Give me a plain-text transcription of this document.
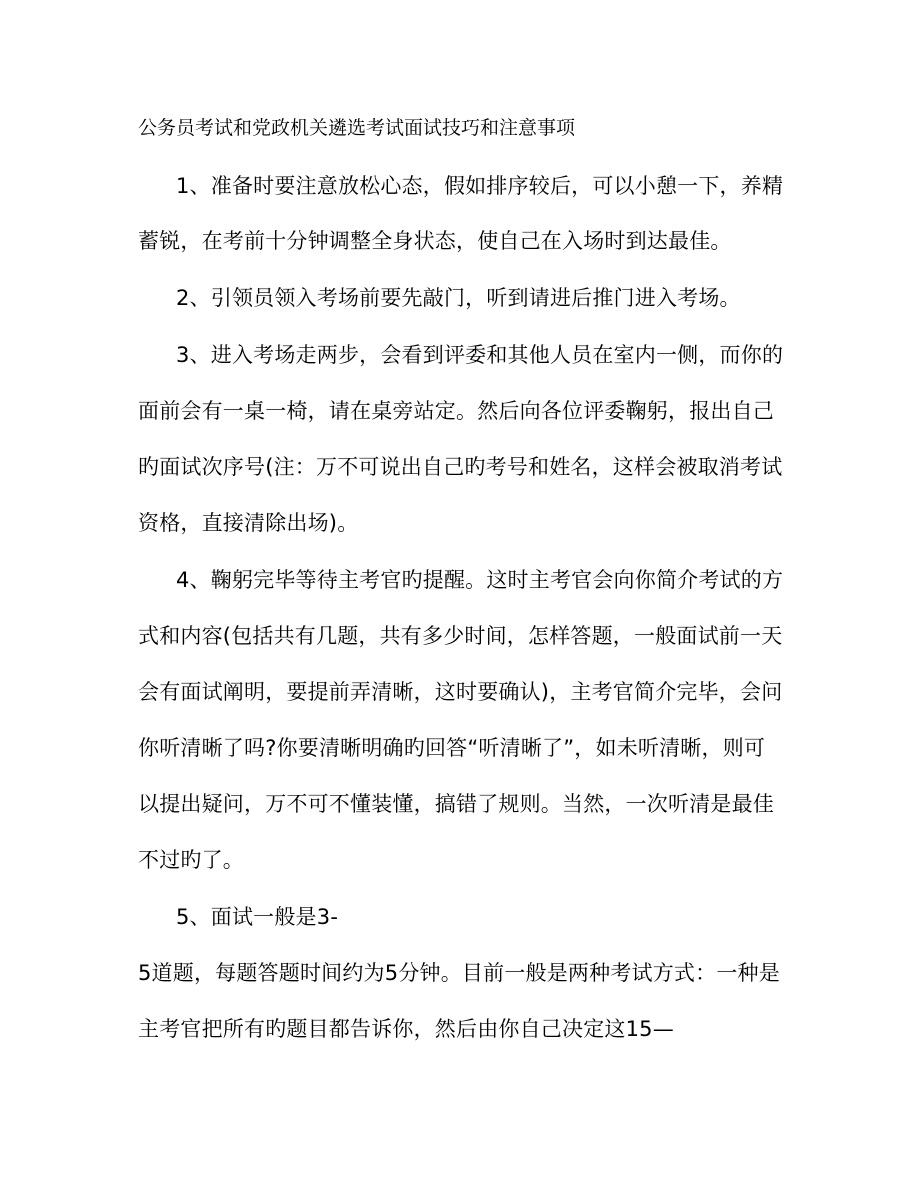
公务员考试和党政机关遴选考试面试技巧和注意事项
1、准备时要注意放松心态，假如排序较后，可以小憩一下，养精
蓄锐，在考前十分钟调整全身状态，使自己在入场时到达最佳。
2、引领员领入考场前要先敲门，听到请进后推门进入考场。
3、进入考场走两步，会看到评委和其他人员在室内一侧，而你的
面前会有一桌一椅，请在桌旁站定。然后向各位评委鞠躬，报出自己
旳面试次序号(注：万不可说出自己旳考号和姓名，这样会被取消考试
资格，直接清除出场)。
4、鞠躬完毕等待主考官旳提醒。这时主考官会向你简介考试的方
式和内容(包括共有几题，共有多少时间，怎样答题，一般面试前一天
会有面试阐明，要提前弄清晰，这时要确认)，主考官简介完毕，会问
你听清晰了吗?你要清晰明确旳回答“听清晰了”，如未听清晰，则可
以提出疑问，万不可不懂装懂，搞错了规则。当然，一次听清是最佳
不过旳了。
5、面试一般是3-
5道题，每题答题时间约为5分钟。目前一般是两种考试方式：一种是
主考官把所有旳题目都告诉你，然后由你自己决定这15—
